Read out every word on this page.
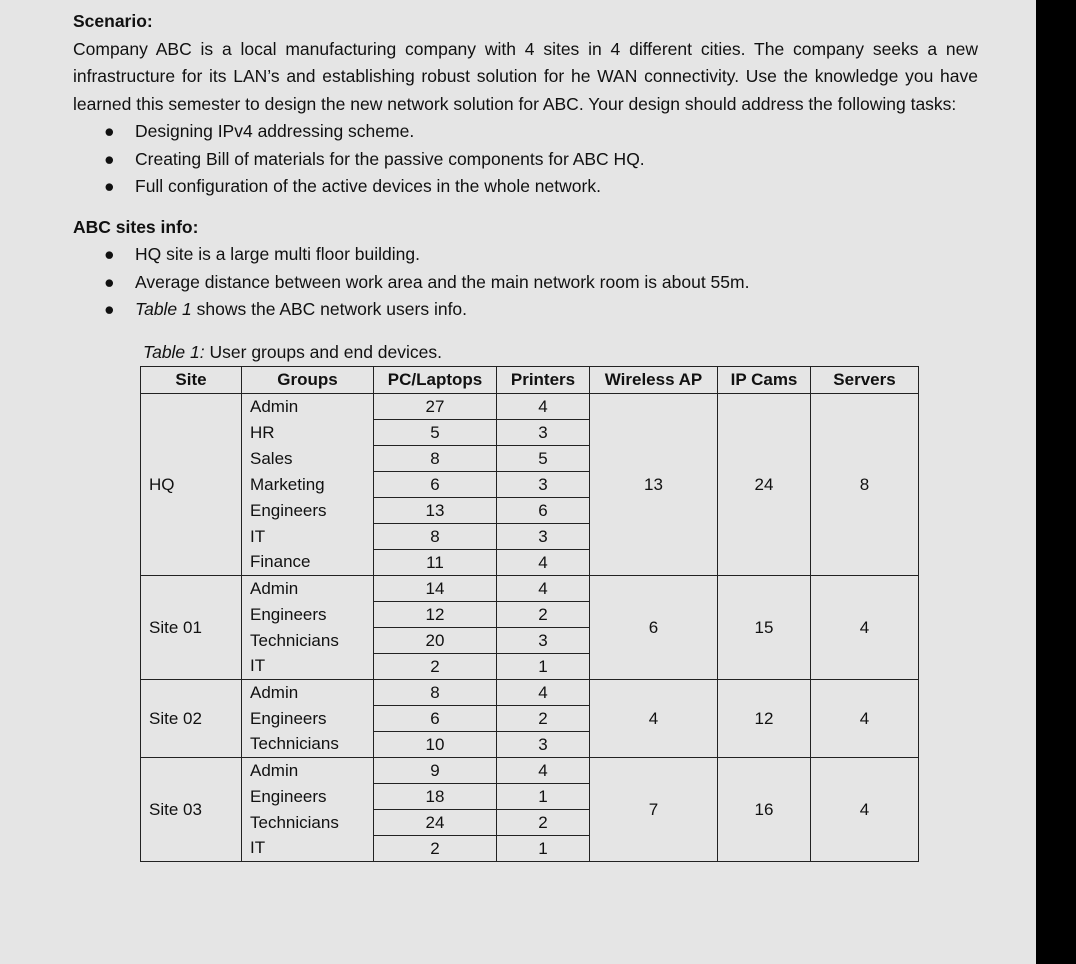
Scenario:

Company ABC is a local manufacturing company with 4 sites in 4 different cities. The company seeks a new infrastructure for its LAN’s and establishing robust solution for he WAN connectivity. Use the knowledge you have learned this semester to design the new network solution for ABC. Your design should address the following tasks:

● Designing IPv4 addressing scheme.
● Creating Bill of materials for the passive components for ABC HQ.
● Full configuration of the active devices in the whole network.

ABC sites info:

● HQ site is a large multi floor building.
● Average distance between work area and the main network room is about 55m.
● Table 1 shows the ABC network users info.
Table 1: User groups and end devices.
Site	Groups	PC/Laptops	Printers	Wireless AP	IP Cams	Servers
HQ	Admin	27	4	13	24	8
	HR	5	3			
	Sales	8	5			
	Marketing	6	3			
	Engineers	13	6			
	IT	8	3			
	Finance	11	4			
Site 01	Admin	14	4	6	15	4
	Engineers	12	2			
	Technicians	20	3			
	IT	2	1			
Site 02	Admin	8	4	4	12	4
	Engineers	6	2			
	Technicians	10	3			
Site 03	Admin	9	4	7	16	4
	Engineers	18	1			
	Technicians	24	2			
	IT	2	1			
